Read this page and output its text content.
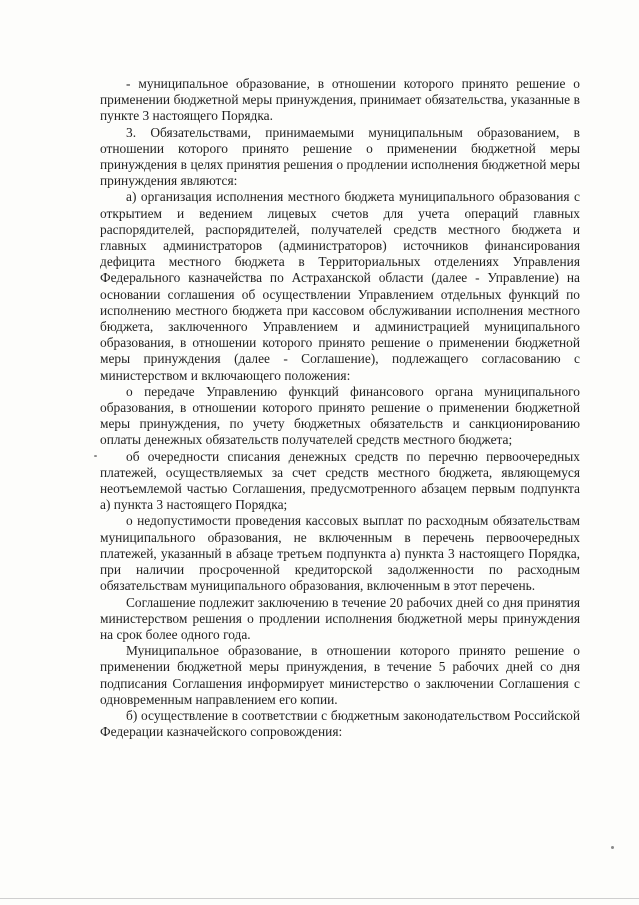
- муниципальное образование, в отношении которого принято решение о применении бюджетной меры принуждения, принимает обязательства, указанные в пункте 3 настоящего Порядка.

3. Обязательствами, принимаемыми муниципальным образованием, в отношении которого принято решение о применении бюджетной меры принуждения в целях принятия решения о продлении исполнения бюджетной меры принуждения являются:

а) организация исполнения местного бюджета муниципального образования с открытием и ведением лицевых счетов для учета операций главных распорядителей, распорядителей, получателей средств местного бюджета и главных администраторов (администраторов) источников финансирования дефицита местного бюджета в Территориальных отделениях Управления Федерального казначейства по Астраханской области (далее - Управление) на основании соглашения об осуществлении Управлением отдельных функций по исполнению местного бюджета при кассовом обслуживании исполнения местного бюджета, заключенного Управлением и администрацией муниципального образования, в отношении которого принято решение о применении бюджетной меры принуждения (далее - Соглашение), подлежащего согласованию с министерством и включающего положения:

о передаче Управлению функций финансового органа муниципального образования, в отношении которого принято решение о применении бюджетной меры принуждения, по учету бюджетных обязательств и санкционированию оплаты денежных обязательств получателей средств местного бюджета;

об очередности списания денежных средств по перечню первоочередных платежей, осуществляемых за счет средств местного бюджета, являющемуся неотъемлемой частью Соглашения, предусмотренного абзацем первым подпункта а) пункта 3 настоящего Порядка;

о недопустимости проведения кассовых выплат по расходным обязательствам муниципального образования, не включенным в перечень первоочередных платежей, указанный в абзаце третьем подпункта а) пункта 3 настоящего Порядка, при наличии просроченной кредиторской задолженности по расходным обязательствам муниципального образования, включенным в этот перечень.

Соглашение подлежит заключению в течение 20 рабочих дней со дня принятия министерством решения о продлении исполнения бюджетной меры принуждения на срок более одного года.

Муниципальное образование, в отношении которого принято решение о применении бюджетной меры принуждения, в течение 5 рабочих дней со дня подписания Соглашения информирует министерство о заключении Соглашения с одновременным направлением его копии.

б) осуществление в соответствии с бюджетным законодательством Российской Федерации казначейского сопровождения:
